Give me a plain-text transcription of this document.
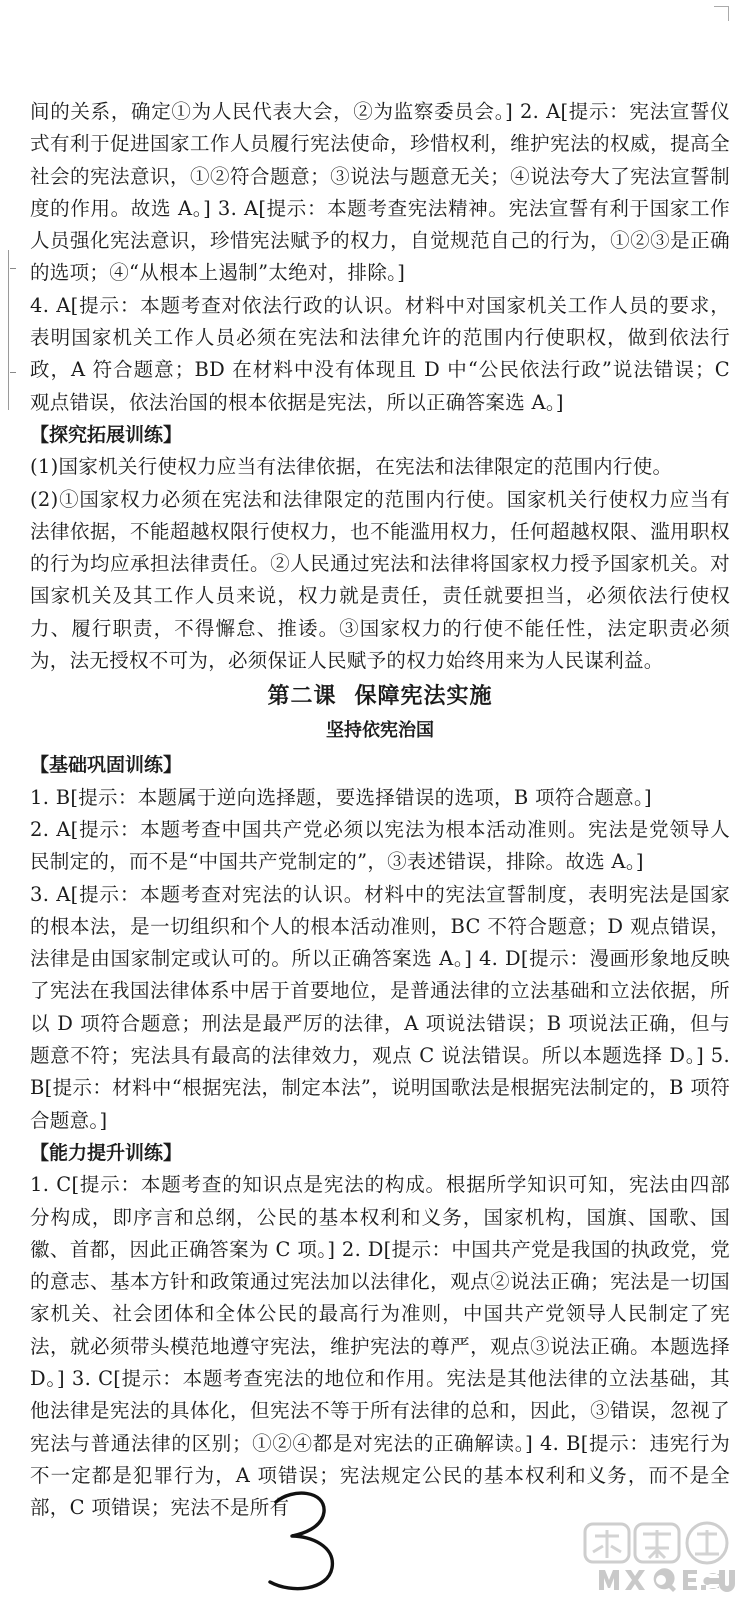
间的关系，确定①为人民代表大会，②为监察委员会。] 2. A[提示：宪法宣誓仪式有利于促进国家工作人员履行宪法使命，珍惜权利，维护宪法的权威，提高全社会的宪法意识，①②符合题意；③说法与题意无关；④说法夸大了宪法宣誓制度的作用。故选 A。] 3. A[提示：本题考查宪法精神。宪法宣誓有利于国家工作人员强化宪法意识，珍惜宪法赋予的权力，自觉规范自己的行为，①②③是正确的选项；④“从根本上遏制”太绝对，排除。]

4. A[提示：本题考查对依法行政的认识。材料中对国家机关工作人员的要求，表明国家机关工作人员必须在宪法和法律允许的范围内行使职权，做到依法行政，A 符合题意；BD 在材料中没有体现且 D 中“公民依法行政”说法错误；C 观点错误，依法治国的根本依据是宪法，所以正确答案选 A。]

【探究拓展训练】

(1)国家机关行使权力应当有法律依据，在宪法和法律限定的范围内行使。

(2)①国家权力必须在宪法和法律限定的范围内行使。国家机关行使权力应当有法律依据，不能超越权限行使权力，也不能滥用权力，任何超越权限、滥用职权的行为均应承担法律责任。②人民通过宪法和法律将国家权力授予国家机关。对国家机关及其工作人员来说，权力就是责任，责任就要担当，必须依法行使权力、履行职责，不得懈怠、推诿。③国家权力的行使不能任性，法定职责必须为，法无授权不可为，必须保证人民赋予的权力始终用来为人民谋利益。

第二课 保障宪法实施

坚持依宪治国

【基础巩固训练】

1. B[提示：本题属于逆向选择题，要选择错误的选项，B 项符合题意。]

2. A[提示：本题考查中国共产党必须以宪法为根本活动准则。宪法是党领导人民制定的，而不是“中国共产党制定的”，③表述错误，排除。故选 A。]

3. A[提示：本题考查对宪法的认识。材料中的宪法宣誓制度，表明宪法是国家的根本法，是一切组织和个人的根本活动准则，BC 不符合题意；D 观点错误，法律是由国家制定或认可的。所以正确答案选 A。] 4. D[提示：漫画形象地反映了宪法在我国法律体系中居于首要地位，是普通法律的立法基础和立法依据，所以 D 项符合题意；刑法是最严厉的法律，A 项说法错误；B 项说法正确，但与题意不符；宪法具有最高的法律效力，观点 C 说法错误。所以本题选择 D。] 5. B[提示：材料中“根据宪法，制定本法”，说明国歌法是根据宪法制定的，B 项符合题意。]

【能力提升训练】

1. C[提示：本题考查的知识点是宪法的构成。根据所学知识可知，宪法由四部分构成，即序言和总纲，公民的基本权利和义务，国家机构，国旗、国歌、国徽、首都，因此正确答案为 C 项。] 2. D[提示：中国共产党是我国的执政党，党的意志、基本方针和政策通过宪法加以法律化，观点②说法正确；宪法是一切国家机关、社会团体和全体公民的最高行为准则，中国共产党领导人民制定了宪法，就必须带头模范地遵守宪法，维护宪法的尊严，观点③说法正确。本题选择 D。] 3. C[提示：本题考查宪法的地位和作用。宪法是其他法律的立法基础，其他法律是宪法的具体化，但宪法不等于所有法律的总和，因此，③错误，忽视了宪法与普通法律的区别；①②④都是对宪法的正确解读。] 4. B[提示：违宪行为不一定都是犯罪行为，A 项错误；宪法规定公民的基本权利和义务，而不是全部，C 项错误；宪法不是所有
